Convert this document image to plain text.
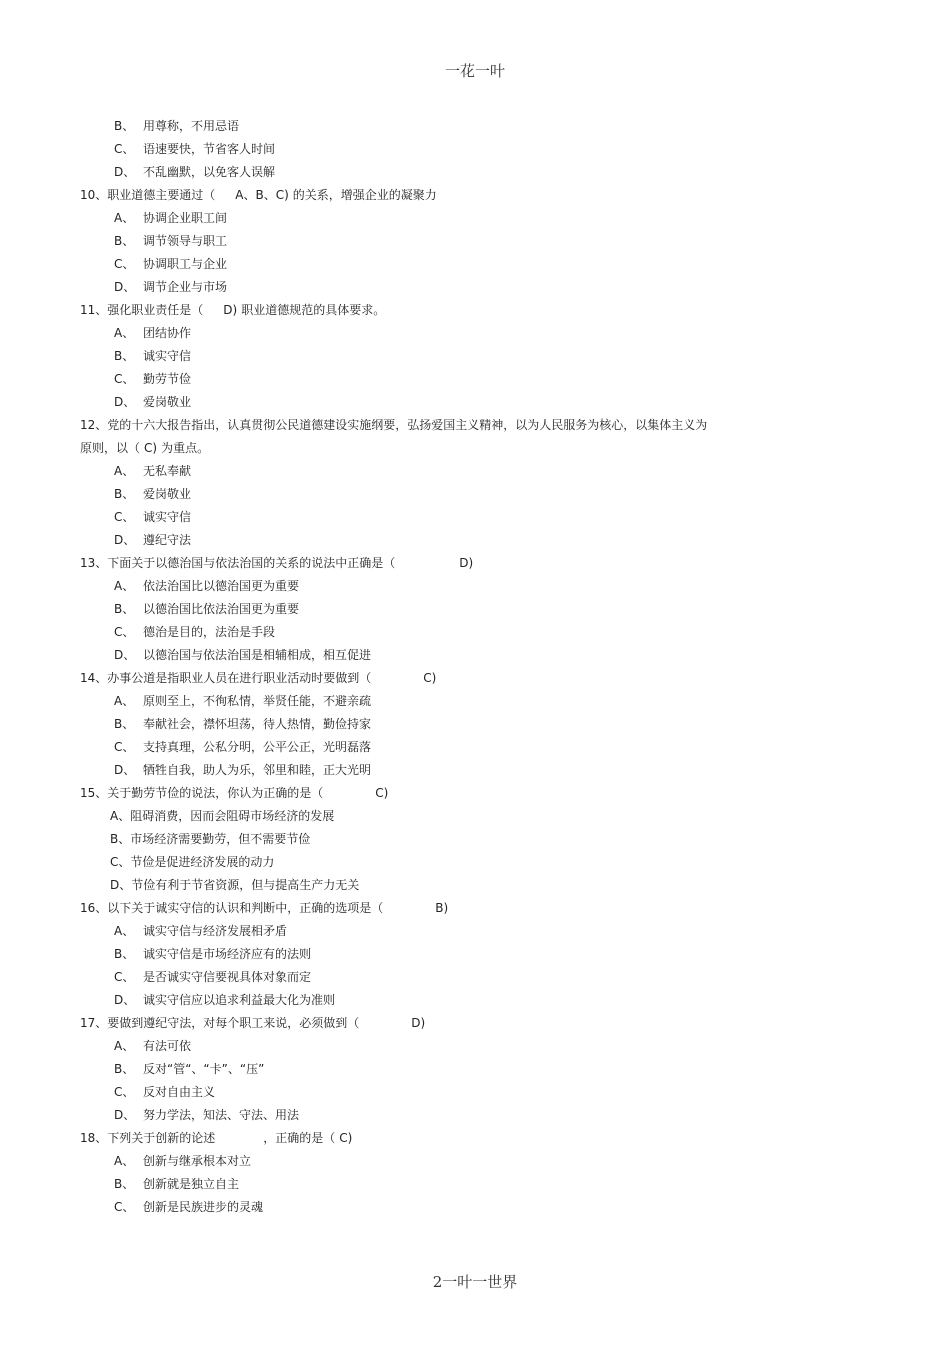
一花一叶
B、 用尊称，不用忌语
C、 语速要快，节省客人时间
D、 不乱幽默，以免客人误解
10、职业道德主要通过（ A、B、C) 的关系，增强企业的凝聚力
A、 协调企业职工间
B、 调节领导与职工
C、 协调职工与企业
D、 调节企业与市场
11、强化职业责任是（ D) 职业道德规范的具体要求。
A、 团结协作
B、 诚实守信
C、 勤劳节俭
D、 爱岗敬业
12、党的十六大报告指出，认真贯彻公民道德建设实施纲要，弘扬爱国主义精神，以为人民服务为核心，以集体主义为
原则，以（ C) 为重点。
A、 无私奉献
B、 爱岗敬业
C、 诚实守信
D、 遵纪守法
13、下面关于以德治国与依法治国的关系的说法中正确是（	D)
A、 依法治国比以德治国更为重要
B、 以德治国比依法治国更为重要
C、 德治是目的，法治是手段
D、 以德治国与依法治国是相辅相成，相互促进
14、办事公道是指职业人员在进行职业活动时要做到（	C)
A、 原则至上，不徇私情，举贤任能，不避亲疏
B、 奉献社会，襟怀坦荡，待人热情，勤俭持家
C、 支持真理，公私分明，公平公正，光明磊落
D、 牺牲自我，助人为乐，邻里和睦，正大光明
15、关于勤劳节俭的说法，你认为正确的是（	C)
A、阻碍消费，因而会阻碍市场经济的发展
B、市场经济需要勤劳，但不需要节俭
C、节俭是促进经济发展的动力
D、节俭有利于节省资源，但与提高生产力无关
16、以下关于诚实守信的认识和判断中，正确的选项是（	B)
A、 诚实守信与经济发展相矛盾
B、 诚实守信是市场经济应有的法则
C、 是否诚实守信要视具体对象而定
D、 诚实守信应以追求利益最大化为准则
17、要做到遵纪守法，对每个职工来说，必须做到（	D)
A、 有法可依
B、 反对“管“、“卡”、“压”
C、 反对自由主义
D、 努力学法，知法、守法、用法
18、下列关于创新的论述	，正确的是（ C)
A、 创新与继承根本对立
B、 创新就是独立自主
C、 创新是民族进步的灵魂
2一叶一世界
